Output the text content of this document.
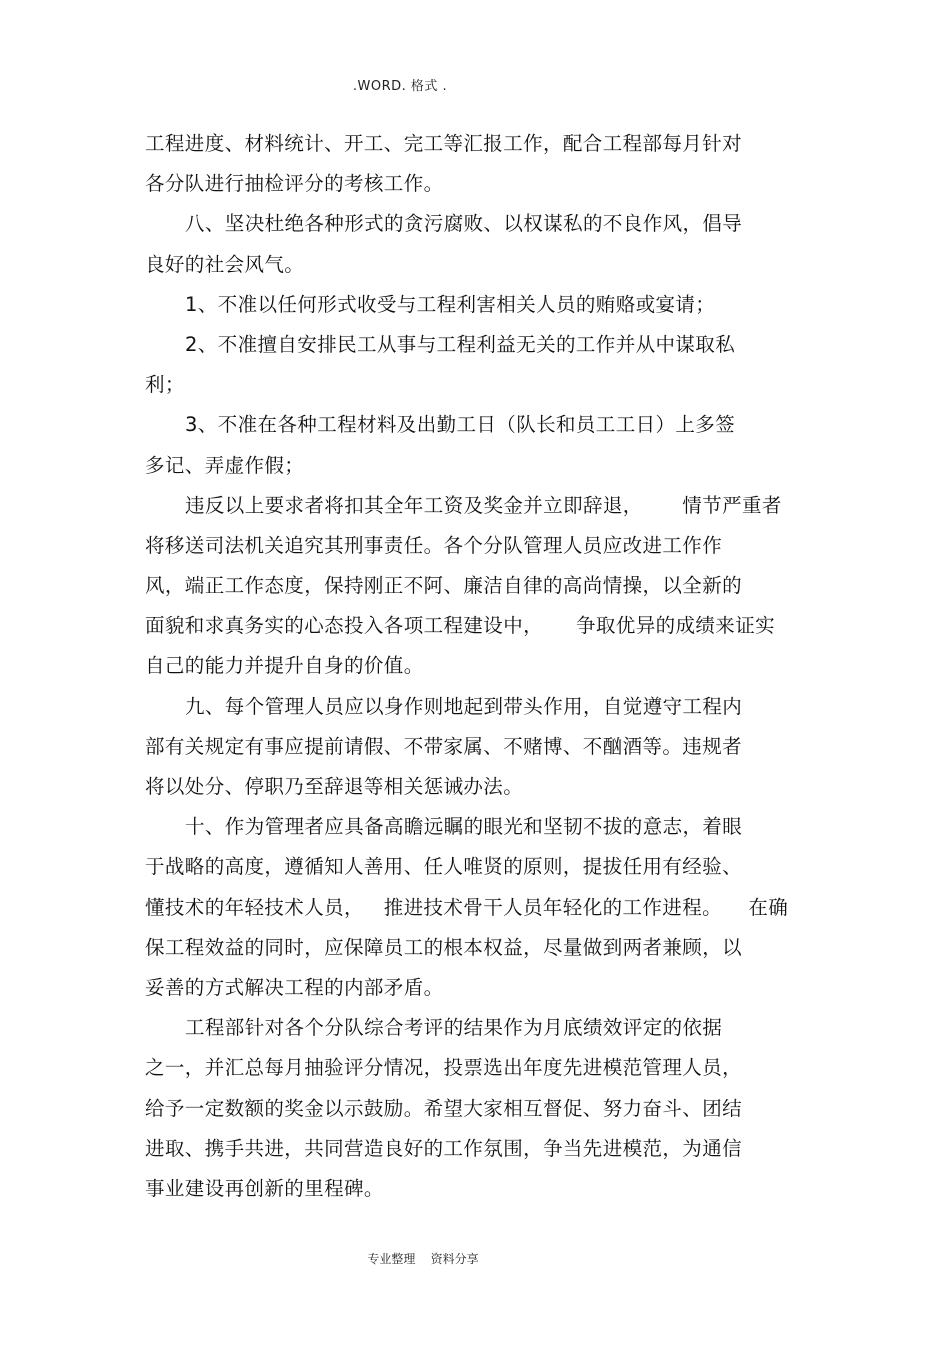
.WORD. 格式 .
工程进度、材料统计、开工、完工等汇报工作，配合工程部每月针对
各分队进行抽检评分的考核工作。
八、坚决杜绝各种形式的贪污腐败、以权谋私的不良作风，倡导
良好的社会风气。
1、不准以任何形式收受与工程利害相关人员的贿赂或宴请；
2、不准擅自安排民工从事与工程利益无关的工作并从中谋取私
利；
3、不准在各种工程材料及出勤工日（队长和员工工日）上多签
多记、弄虚作假；
违反以上要求者将扣其全年工资及奖金并立即辞退，      情节严重者
将移送司法机关追究其刑事责任。各个分队管理人员应改进工作作
风，端正工作态度，保持刚正不阿、廉洁自律的高尚情操，以全新的
面貌和求真务实的心态投入各项工程建设中，     争取优异的成绩来证实
自己的能力并提升自身的价值。
九、每个管理人员应以身作则地起到带头作用，自觉遵守工程内
部有关规定有事应提前请假、不带家属、不赌博、不酗酒等。违规者
将以处分、停职乃至辞退等相关惩诫办法。
十、作为管理者应具备高瞻远瞩的眼光和坚韧不拔的意志，着眼
于战略的高度，遵循知人善用、任人唯贤的原则，提拔任用有经验、
懂技术的年轻技术人员，   推进技术骨干人员年轻化的工作进程。    在确
保工程效益的同时，应保障员工的根本权益，尽量做到两者兼顾，以
妥善的方式解决工程的内部矛盾。
工程部针对各个分队综合考评的结果作为月底绩效评定的依据
之一，并汇总每月抽验评分情况，投票选出年度先进模范管理人员，
给予一定数额的奖金以示鼓励。希望大家相互督促、努力奋斗、团结
进取、携手共进，共同营造良好的工作氛围，争当先进模范，为通信
事业建设再创新的里程碑。
专业整理    资料分享
